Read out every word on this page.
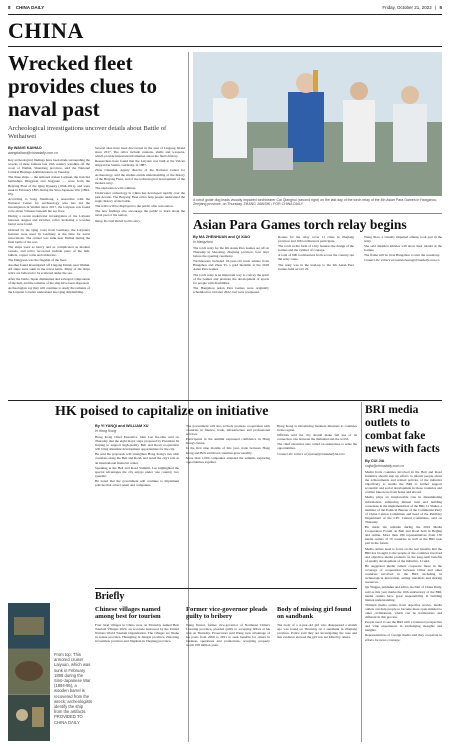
8 CHINA DAILY	Friday, October 21, 2022 | 5
CHINA
Wrecked fleet provides clues to naval past
Archeological investigations uncover details about Battle of Weihaiwei
By WANG KAIHAO
wangkaihao@chinadaily.com.cn

Key archeological findings have been made surrounding the wrecks of three famous late 19th century warships off the coast of Weihai, Shandong province, said the National Cultural Heritage Administration on Tuesday.

The three ships — the armored cruiser Laiyuan, the ironclad battleships Dingyuan and Jingyuan — were from the Beiyang Fleet of the Qing Dynasty (1644-1911), and were sunk in February 1895 during the Sino-Japanese War (1894-95).

According to Song Jianzhong, a researcher with the National Center for Archaeology who has led the investigation in Weihai since 2017, the Laiyuan was found to be about 3 meters beneath the sea floor.

During a recent underwater investigation of the Laiyuan between August and October, relics including a wooden barrel were found.

Ordered by the Qing court from Germany, the Laiyuan's features were used by Germany at the time for naval renovations. The cruiser was sunk near Weihai during the final battle of the war.

The ships were as heavy and as complicated as modern vessels, and relics recovered include parts of the hull, bullets, copper coins and tableware.

The Dingyuan was the flagship of the fleet.

Another found investigated off Liugong Island, near Weihai. All ships were sunk in the naval battle. Many of the ships relics are believed to be scattered under the sea.

After the battle, Japan dismantled and salvaged components of the hull, and the remains of the ship have been dispersed.

Archeologists say they will continue to study the remains of the Laiyuan to better understand late Qing shipbuilding.

Several sites have been discovered in the area of Liugong Island since 2017. The relics include cannons, shells and weapons, which provide important information about the fleet's history.

Researchers have found that the Laiyuan was built at the Vulcan shipyard in Stettin, Germany, in 1887.

Zhou Chunshui, deputy director of the National Center for Archaeology, said the studies enrich understanding of the history of the Beiyang Fleet, and of the technological development of the modern navy.

The exploration will continue.

Underwater archeology in China has developed rapidly over the past decade. The Beiyang Fleet relics help people understand the tragic history of the battle.

The relics will be displayed to the public after restoration.

The new findings also encourage the public to learn about the naval past of the nation.

Wang Yu contributed to this story.

From top: This armored cruiser Laiyuan, which was sunk in February 1895 during the Sino-Japanese War (1894-95), a wooden barrel is recovered from the wreck; archeologists identify the ship from the artifacts. PROVIDED TO CHINA DAILY
A robot guide dog leads visually impaired torchbearer Cai Qianghui (second right) on the last day of the torch relay of the 4th Asian Para Games in Hangzhou, Zhejiang province, on Thursday. ZHANG JIANSHI / FOR CHINA DAILY
Asian Para Games torch relay begins
By MA ZHENHUAN and QI XIAO
in Hangzhou

The torch relay for the 4th Asian Para Games set off on Thursday in Shaoxing, Zhejiang province, four days before the opening ceremony.

Torchbearers included 16-year-old track athlete from Hangzhou and Zhou Yi, a gold medalist at the 2018 Asian Para Games.

The torch relay is an important way to convey the spirit of the Games and promote the development of sports for people with disabilities.

The Hangzhou Asian Para Games were originally scheduled for October 2022, but were postponed.

Routes for the relay cover 11 cities in Zhejiang province and 106 torchbearers participate.

The torch in the form of a lily features the design of the Games and the symbol of courage.

A total of 600 torchbearers from across the country ran the relay route.

The relay was in the lead-up to the 4th Asian Para Games held on Oct 22.

Wang Xiao, a visually impaired athlete, took part in the relay.

She said disabled athletes will show their talents at the Games.

The flame will be lit in Hangzhou to start the ceremony.

Contact the writers at mazhenhuan@chinadaily.com.cn

HK poised to capitalize on initiative
By YI YANQI and WILLIAM XU
in Hong Kong

Hong Kong Chief Executive John Lee Ka-chiu said on Thursday that the eight major steps proposed by President Xi Jinping to support high-quality Belt and Road cooperation will bring abundant development opportunities for the city.

He said the proposals will strengthen Hong Kong's ties with countries along the Belt and Road, and noted the city's role as an international financial center.

Speaking at the Belt and Road Summit, Lee highlighted the special advantages the city enjoys under 'one country, two systems'.

He noted that the government will continue to implement policies that attract talent and companies.

The government will also actively promote cooperation with countries in finance, trade, infrastructure and professional services.

Participants in the summit expressed confidence in Hong Kong's future.

In the first nine months of this year, trade between Hong Kong and Belt and Road countries grew steadily.

More than 1,000 companies attended the summit, exploring opportunities together.

Hong Kong is introducing business missions to countries in the region.

Officials said the city should make full use of its connection role between the mainland and the world.

The chief executive also called on enterprises to seize the opportunities.

Contact the writers at yiyanqi@chinadailyhk.com

BRI media outlets to combat fake news with facts
By CUI JIA
cuijia@chinadaily.com.cn

Media from countries involved in the Belt and Road Initiative should step up efforts to inform people about the achievements and related policies of the initiative objectively to enable the BRI to further support economic and social development in those countries and combat fake news from home and abroad.

Media plays an irreplaceable role in disseminating information, enhancing mutual trust and building consensus in the implementation of the BRI, Li Shulei, a member of the Political Bureau of the Communist Party of China Central Committee and head of the Publicity Department of the CPC Central Committee, said on Thursday.

He made the remarks during the 2022 Media Cooperation Forum on Belt and Road held in Beijing and online. More than 180 representatives from 130 media outlets of 70 countries as well as the BRI took part in the forum.

Media outlets need to focus on the real benefits that the BRI has brought to the people of the countries involved and objective media products on the long-term benefits of quality development of the initiative, Li said.

He suggested media outlets cooperate more in the coverage of cooperation between China and other countries involved in the BRI, including in technological innovation, setting standards and sharing resources.

Qu Yingpu, publisher and editor-in-chief of China Daily, said as this year marks the 10th anniversary of the BRI, media outlets have great responsibility in building mutual understanding.

Thirteen media outlets from objective stories, media outlets can help people to become more open-minded to other civilizations, which can be harmonious and different in this process.

People need to see the BRI with a balanced perspective and wide experiences in exchanging thoughts and insights.

Representatives of foreign media said they cooperate in efforts for news coverage.

Briefly
Chinese villages named among best for tourism
Four rural villages in China were on Thursday named Best Tourism Villages 2022, an accolade bestowed by the United Nations World Tourism Organization. The villages are Xiahe in Gansu province, Huangling in Jiangxi province, Zhaoxing in Guizhou province and Jingshan in Zhejiang province.
Former vice-governor pleads guilty to bribery
Wang Jinwei, former vice-governor of Northeast China's Liaoning province, pleaded guilty to accepting bribes at his trial on Thursday. Prosecutors said Wang took advantage of his posts from 2009 to 2021 to seek benefits for others in business operations and promotions, accepting property worth 108 million yuan.
Body of missing girl found on sandbank
The body of a 4-year-old girl who disappeared a month ago was found on Thursday on a sandbank in Zhejiang province. Police said they are investigating the case and that evidence showed the girl was not killed by others.
